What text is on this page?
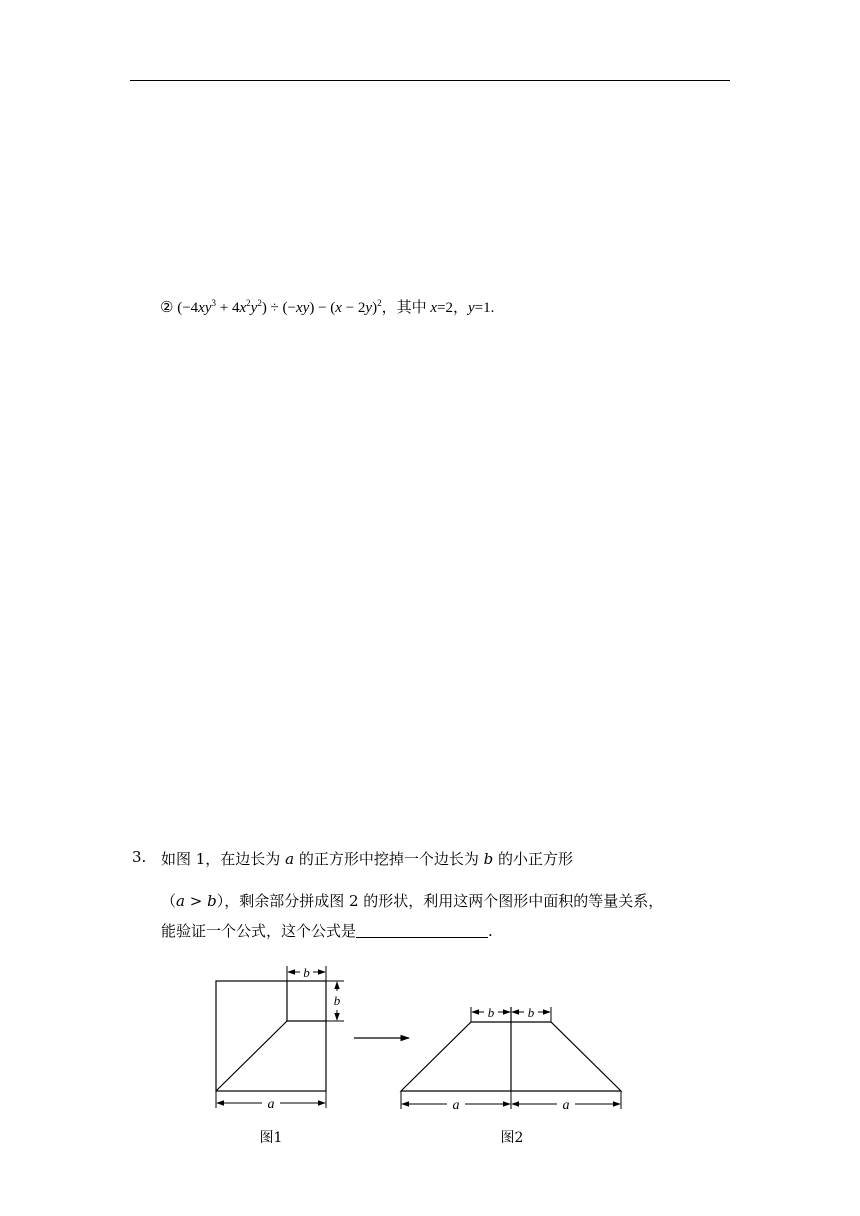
② $(-4xy^3 + 4x^2y^2) \div (-xy) - (x - 2y)^2$，其中 x=2，y=1.
3. 如图 1，在边长为 a 的正方形中挖掉一个边长为 b 的小正方形
（a > b），剩余部分拼成图 2 的形状，利用这两个图形中面积的等量关系，
能验证一个公式，这个公式是	.
b
b
a
图1
b	b
a	a
图2
